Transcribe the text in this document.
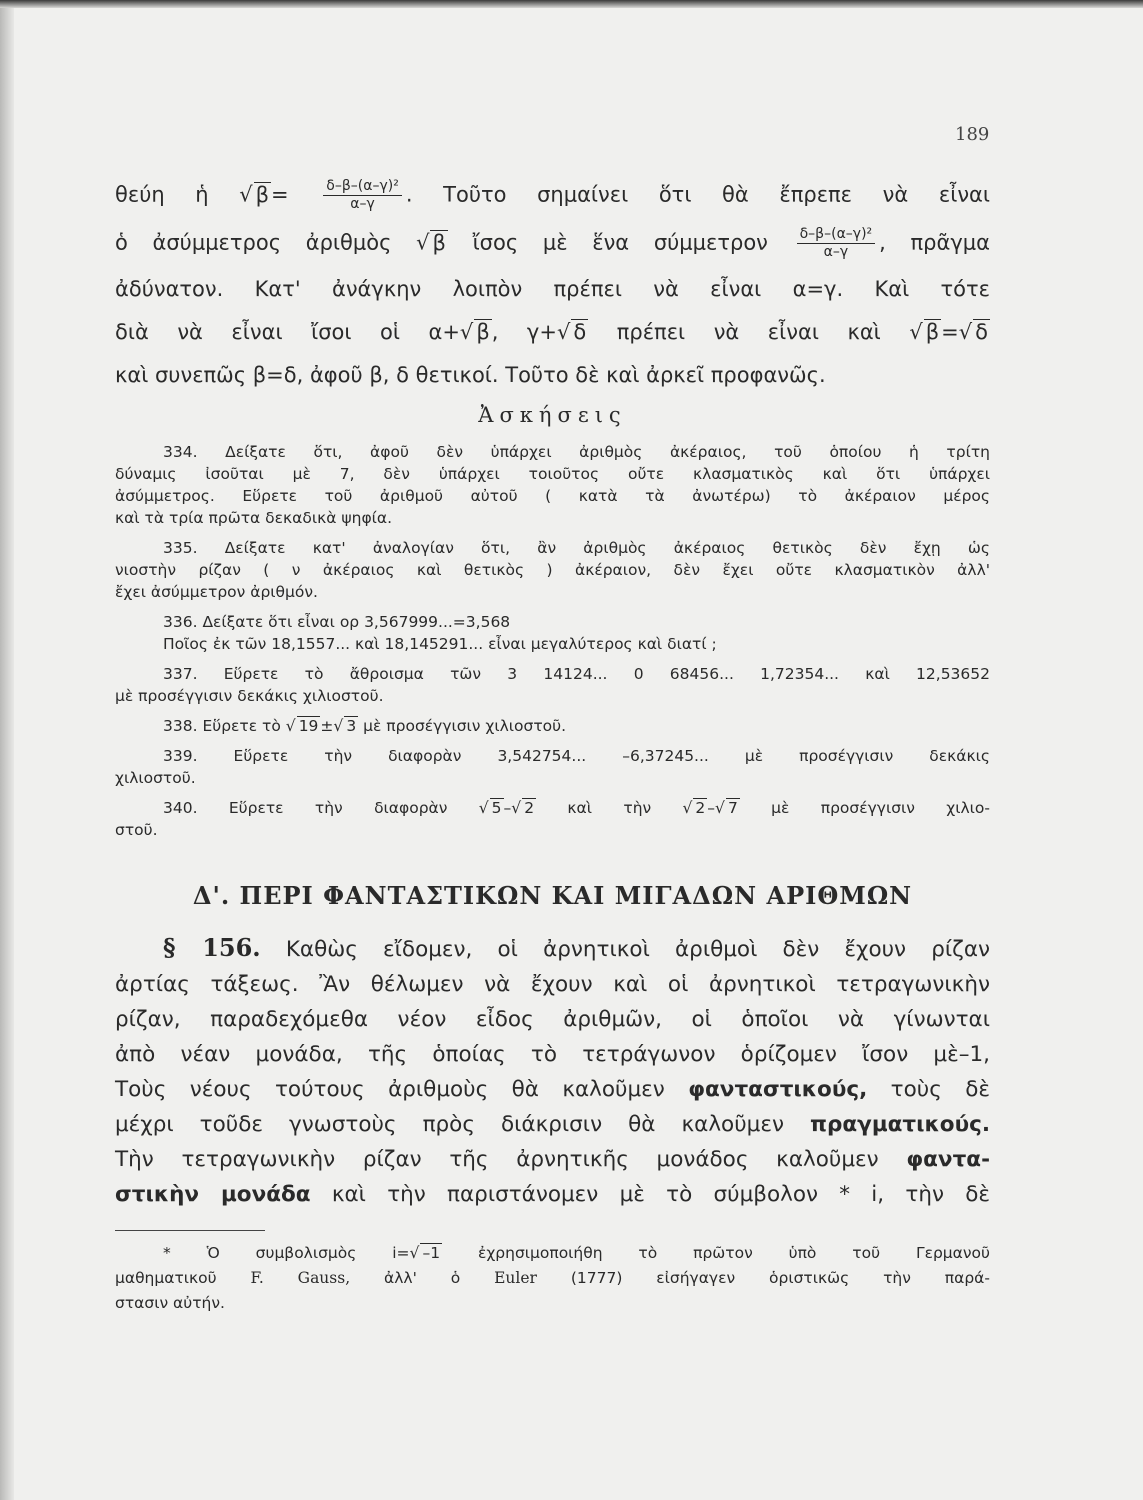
189
θεύη ἡ √ $\beta= \frac{\text{δ–β–(α–γ)²}}{\alpha-\gamma}$ . Τοῦτο σημαίνει ὅτι θὰ ἔπρεπε νὰ εἶναι
ὁ ἀσύμμετρος ἀριθμὸς √ β ἴσος μὲ ἕνα σύμμετρον $\frac{\text{δ–β–(α–γ)²}}{\alpha-\gamma}$ , πρᾶγμα
ἀδύνατον. Κατ' ἀνάγκην λοιπὸν πρέπει νὰ εἶναι α=γ. Καὶ τότε
διὰ νὰ εἶναι ἴσοι οἱ α+√ β, γ+√ δ πρέπει νὰ εἶναι καὶ √ β=√ δ
καὶ συνεπῶς β=δ, ἀφοῦ β, δ θετικοί. Τοῦτο δὲ καὶ ἀρκεῖ προφανῶς.
Ἀσκήσεις
334. Δείξατε ὅτι, ἀφοῦ δὲν ὑπάρχει ἀριθμὸς ἀκέραιος, τοῦ ὁποίου ἡ τρίτη
δύναμις ἰσοῦται μὲ 7, δὲν ὑπάρχει τοιοῦτος οὔτε κλασματικὸς καὶ ὅτι ὑπάρχει
ἀσύμμετρος. Εὕρετε τοῦ ἀριθμοῦ αὐτοῦ ( κατὰ τὰ ἀνωτέρω) τὸ ἀκέραιον μέρος
καὶ τὰ τρία πρῶτα δεκαδικὰ ψηφία.
335. Δείξατε κατ' ἀναλογίαν ὅτι, ἂν ἀριθμὸς ἀκέραιος θετικὸς δὲν ἔχῃ ὡς
νιοστὴν ρίζαν ( ν ἀκέραιος καὶ θετικὸς ) ἀκέραιον, δὲν ἔχει οὔτε κλασματικὸν ἀλλ'
ἔχει ἀσύμμετρον ἀριθμόν.
336. Δείξατε ὅτι εἶναι ορ 3,567999...=3,568
Ποῖος ἐκ τῶν 18,1557... καὶ 18,145291... εἶναι μεγαλύτερος καὶ διατί ;
337. Εὕρετε τὸ ἄθροισμα τῶν 3 14124... 0 68456... 1,72354... καὶ 12,53652
μὲ προσέγγισιν δεκάκις χιλιοστοῦ.
338. Εὕρετε τὸ √ 19 ±√ 3 μὲ προσέγγισιν χιλιοστοῦ.
339. Εὕρετε τὴν διαφορὰν 3,542754... –6,37245... μὲ προσέγγισιν δεκάκις
χιλιοστοῦ.
340. Εὕρετε τὴν διαφορὰν √ 5 –√ 2 καὶ τὴν √ 2 –√ 7 μὲ προσέγγισιν χιλιο-
στοῦ.
Δ'. ΠΕΡΙ ΦΑΝΤΑΣΤΙΚΩΝ ΚΑΙ ΜΙΓΑΔΩΝ ΑΡΙΘΜΩΝ
§ 156. Καθὼς εἴδομεν, οἱ ἀρνητικοὶ ἀριθμοὶ δὲν ἔχουν ρίζαν
ἀρτίας τάξεως. Ἂν θέλωμεν νὰ ἔχουν καὶ οἱ ἀρνητικοὶ τετραγωνικὴν
ρίζαν, παραδεχόμεθα νέον εἶδος ἀριθμῶν, οἱ ὁποῖοι νὰ γίνωνται
ἀπὸ νέαν μονάδα, τῆς ὁποίας τὸ τετράγωνον ὁρίζομεν ἴσον μὲ–1,
Τοὺς νέους τούτους ἀριθμοὺς θὰ καλοῦμεν φανταστικούς, τοὺς δὲ
μέχρι τοῦδε γνωστοὺς πρὸς διάκρισιν θὰ καλοῦμεν πραγματικούς.
Τὴν τετραγωνικὴν ρίζαν τῆς ἀρνητικῆς μονάδος καλοῦμεν φαντα-
στικὴν μονάδα καὶ τὴν παριστάνομεν μὲ τὸ σύμβολον * i, τὴν δὲ
* Ὁ συμβολισμὸς i=√ –1 ἐχρησιμοποιήθη τὸ πρῶτον ὑπὸ τοῦ Γερμανοῦ
μαθηματικοῦ F. Gauss, ἀλλ' ὁ Euler (1777) εἰσήγαγεν ὁριστικῶς τὴν παρά-
στασιν αὐτήν.
